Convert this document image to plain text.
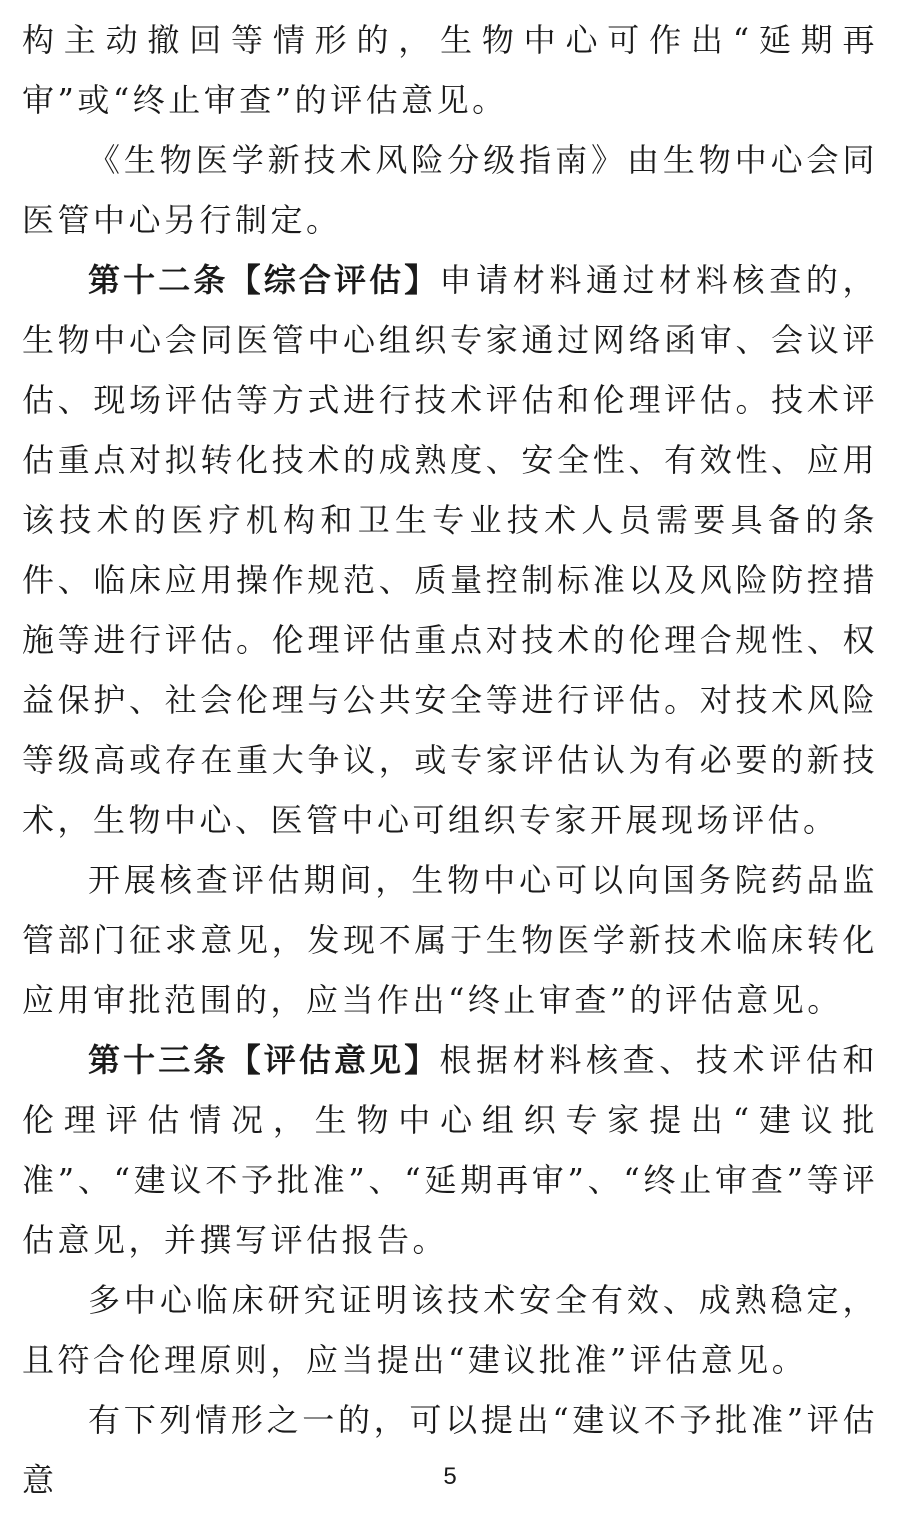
构主动撤回等情形的，生物中心可作出“延期再审”或“终止审查”的评估意见。

《生物医学新技术风险分级指南》由生物中心会同医管中心另行制定。

第十二条【综合评估】申请材料通过材料核查的，生物中心会同医管中心组织专家通过网络函审、会议评估、现场评估等方式进行技术评估和伦理评估。技术评估重点对拟转化技术的成熟度、安全性、有效性、应用该技术的医疗机构和卫生专业技术人员需要具备的条件、临床应用操作规范、质量控制标准以及风险防控措施等进行评估。伦理评估重点对技术的伦理合规性、权益保护、社会伦理与公共安全等进行评估。对技术风险等级高或存在重大争议，或专家评估认为有必要的新技术，生物中心、医管中心可组织专家开展现场评估。

开展核查评估期间，生物中心可以向国务院药品监管部门征求意见，发现不属于生物医学新技术临床转化应用审批范围的，应当作出“终止审查”的评估意见。

第十三条【评估意见】根据材料核查、技术评估和伦理评估情况，生物中心组织专家提出“建议批准”、“建议不予批准”、“延期再审”、“终止审查”等评估意见，并撰写评估报告。

多中心临床研究证明该技术安全有效、成熟稳定，且符合伦理原则，应当提出“建议批准”评估意见。

有下列情形之一的，可以提出“建议不予批准”评估意	5
